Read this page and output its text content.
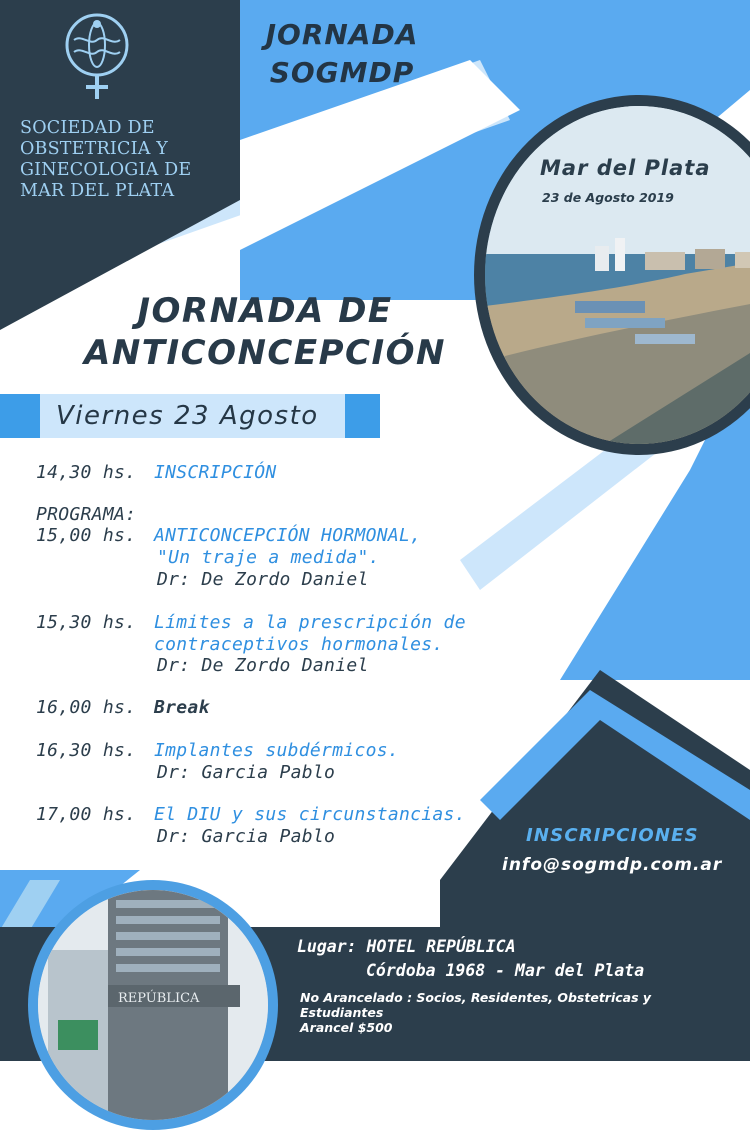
SOCIEDAD DE
OBSTETRICIA Y
GINECOLOGIA DE
MAR DEL PLATA
JORNADA
SOGMDP
Mar del Plata
23 de Agosto 2019
JORNADA DE
ANTICONCEPCIÓN
Viernes 23 Agosto
14,30 hs. INSCRIPCIÓN
PROGRAMA:
15,00 hs. ANTICONCEPCIÓN HORMONAL,
"Un traje a medida".
Dr: De Zordo Daniel
15,30 hs. Límites a la prescripción de
contraceptivos hormonales.
Dr: De Zordo Daniel
16,00 hs. Break
16,30 hs. Implantes subdérmicos.
Dr: Garcia Pablo
17,00 hs. El DIU y sus circunstancias.
Dr: Garcia Pablo	INSCRIPCIONES
info@sogmdp.com.ar
REPÚBLICA
Lugar: HOTEL REPÚBLICA
Córdoba 1968 - Mar del Plata
No Arancelado : Socios, Residentes, Obstetricas y
Estudiantes
Arancel $500
